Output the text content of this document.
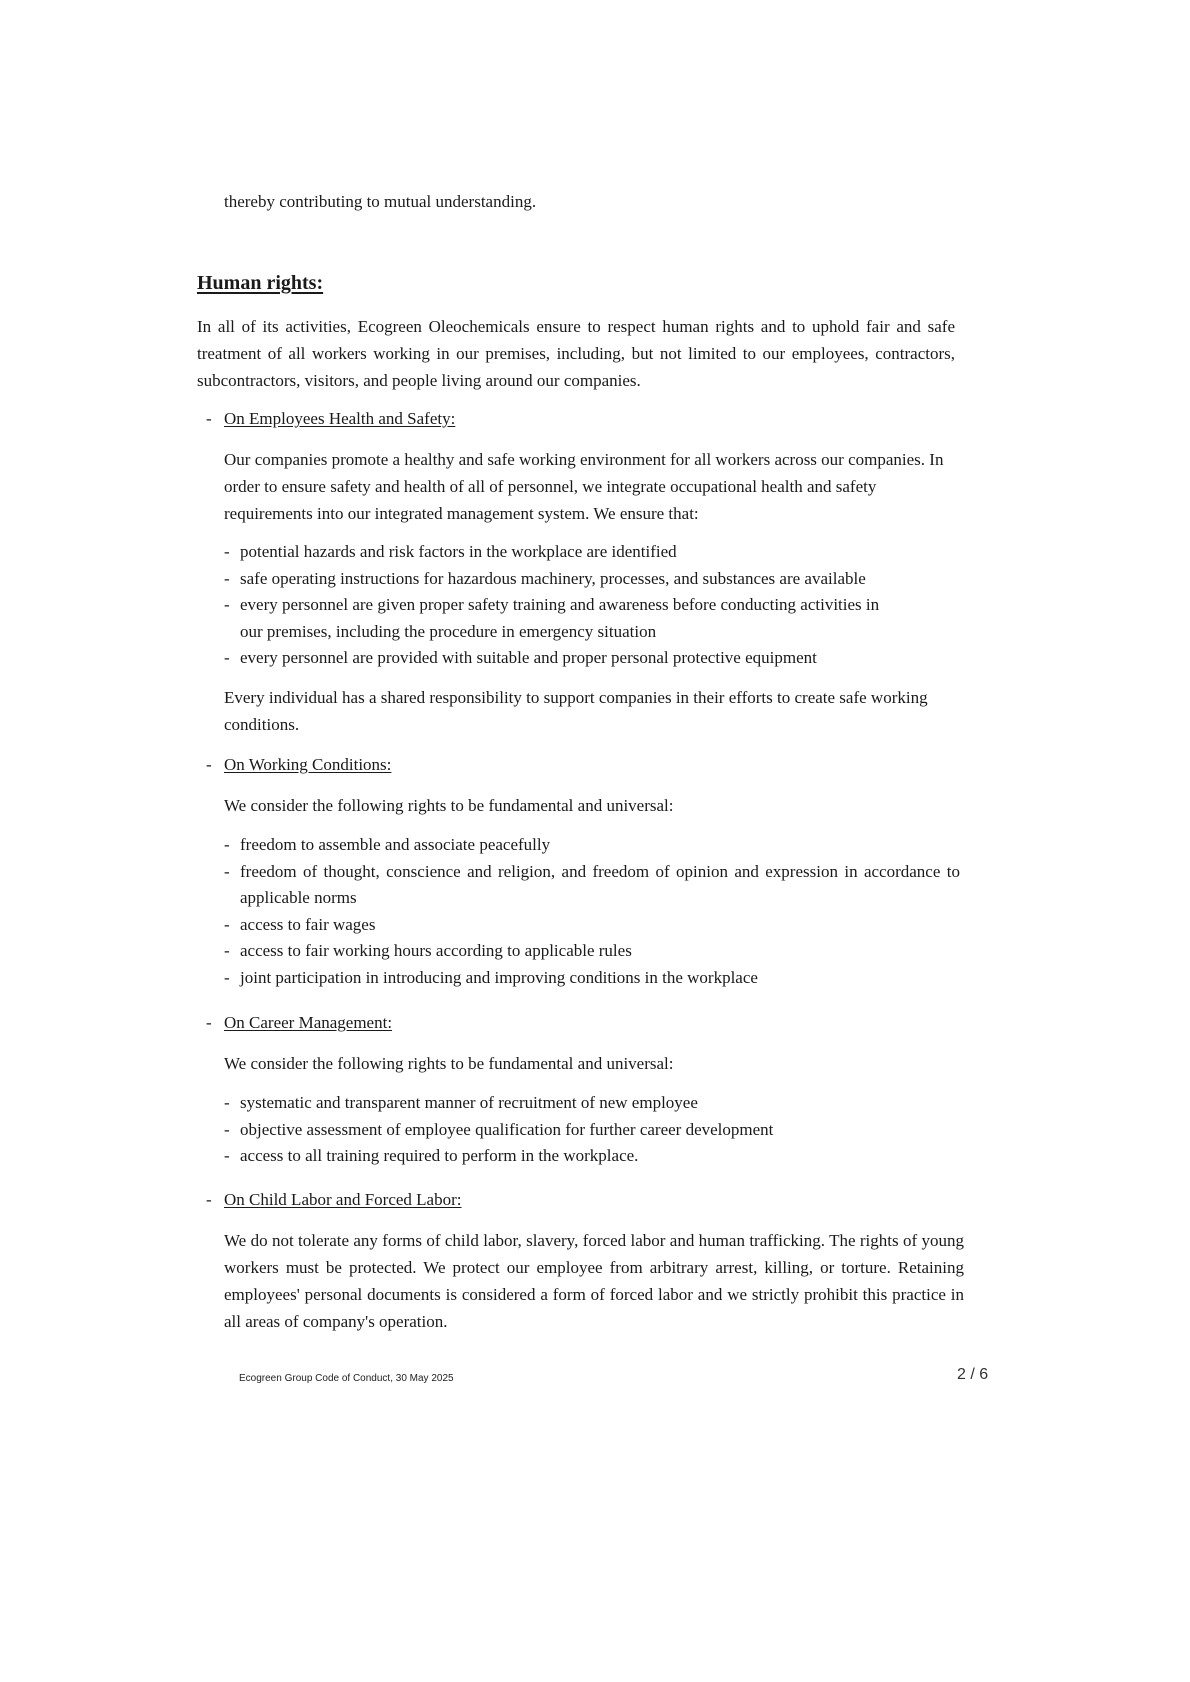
thereby contributing to mutual understanding.
Human rights:

In all of its activities, Ecogreen Oleochemicals ensure to respect human rights and to uphold fair and safe treatment of all workers working in our premises, including, but not limited to our employees, contractors, subcontractors, visitors, and people living around our companies.

- On Employees Health and Safety:

Our companies promote a healthy and safe working environment for all workers across our companies. In order to ensure safety and health of all of personnel, we integrate occupational health and safety requirements into our integrated management system. We ensure that:

- potential hazards and risk factors in the workplace are identified
- safe operating instructions for hazardous machinery, processes, and substances are available
- every personnel are given proper safety training and awareness before conducting activities in our premises, including the procedure in emergency situation
- every personnel are provided with suitable and proper personal protective equipment

Every individual has a shared responsibility to support companies in their efforts to create safe working conditions.

- On Working Conditions:

We consider the following rights to be fundamental and universal:

- freedom to assemble and associate peacefully
- freedom of thought, conscience and religion, and freedom of opinion and expression in accordance to applicable norms
- access to fair wages
- access to fair working hours according to applicable rules
- joint participation in introducing and improving conditions in the workplace

- On Career Management:

We consider the following rights to be fundamental and universal:

- systematic and transparent manner of recruitment of new employee
- objective assessment of employee qualification for further career development
- access to all training required to perform in the workplace.

- On Child Labor and Forced Labor:

We do not tolerate any forms of child labor, slavery, forced labor and human trafficking. The rights of young workers must be protected. We protect our employee from arbitrary arrest, killing, or torture. Retaining employees' personal documents is considered a form of forced labor and we strictly prohibit this practice in all areas of company's operation.

Ecogreen Group Code of Conduct, 30 May 2025	2 / 6
